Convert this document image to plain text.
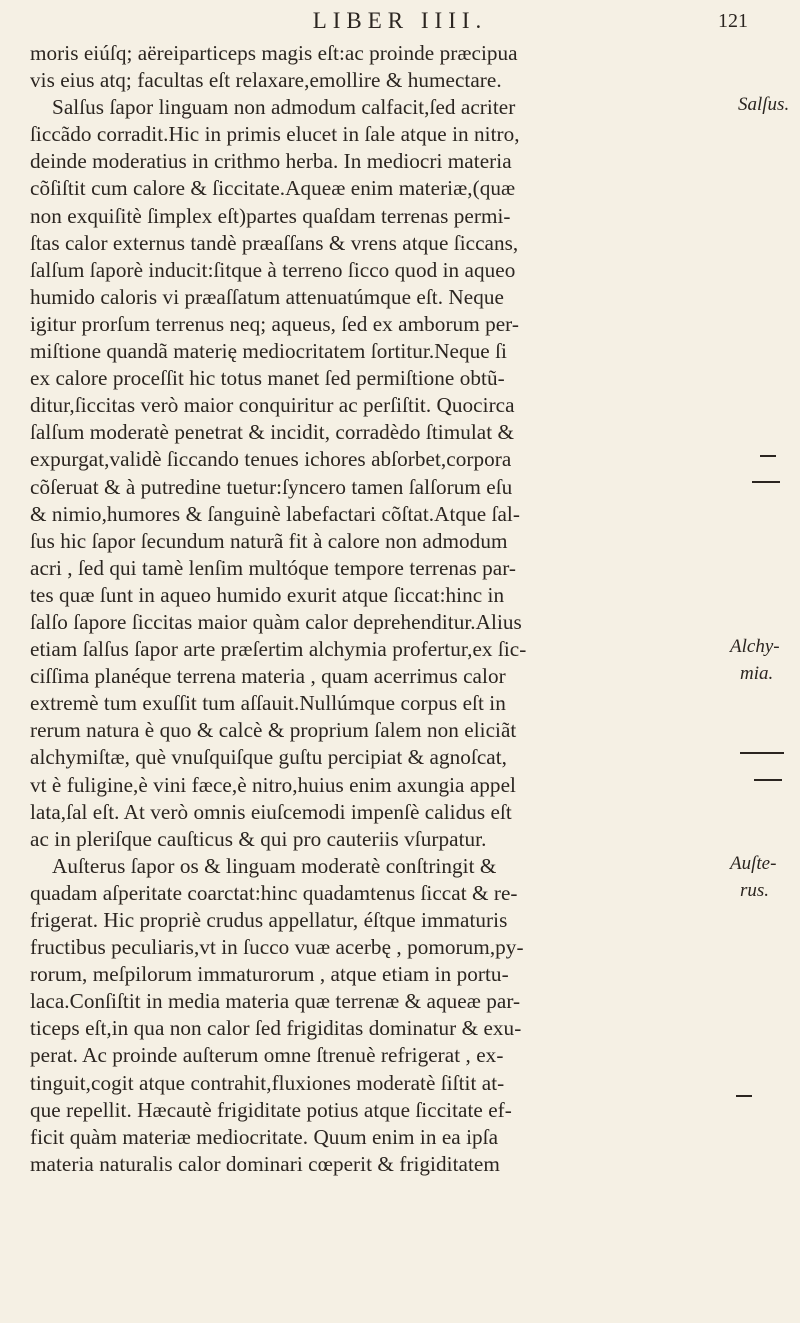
LIBER IIII.	121
moris eiúſq; aëreiparticeps magis eſt:ac proinde præcipua
vis eius atq; facultas eſt relaxare,emollire & humectare.
Salſus ſapor linguam non admodum calfacit,ſed acriter
ſiccãdo corradit.Hic in primis elucet in ſale atque in nitro,
deinde moderatius in crithmo herba. In mediocri materia
cõſiſtit cum calore & ſiccitate.Aqueæ enim materiæ,(quæ
non exquiſitè ſimplex eſt)partes quaſdam terrenas permi-
ſtas calor externus tandè præaſſans & vrens atque ſiccans,
ſalſum ſaporè inducit:ſitque à terreno ſicco quod in aqueo
humido caloris vi præaſſatum attenuatúmque eſt. Neque
igitur prorſum terrenus neq; aqueus, ſed ex amborum per-
miſtione quandã materię mediocritatem ſortitur.Neque ſi
ex calore proceſſit hic totus manet ſed permiſtione obtũ-
ditur,ſiccitas verò maior conquiritur ac perſiſtit. Quocirca
ſalſum moderatè penetrat & incidit, corradèdo ſtimulat &
expurgat,validè ſiccando tenues ichores abſorbet,corpora
cõſeruat & à putredine tuetur:ſyncero tamen ſalſorum eſu
& nimio,humores & ſanguinè labefactari cõſtat.Atque ſal-
ſus hic ſapor ſecundum naturã fit à calore non admodum
acri , ſed qui tamè lenſim multóque tempore terrenas par-
tes quæ ſunt in aqueo humido exurit atque ſiccat:hinc in
ſalſo ſapore ſiccitas maior quàm calor deprehenditur.Alius
etiam ſalſus ſapor arte præſertim alchymia profertur,ex ſic-
ciſſima planéque terrena materia , quam acerrimus calor
extremè tum exuſſit tum aſſauit.Nullúmque corpus eſt in
rerum natura è quo & calcè & proprium ſalem non eliciãt
alchymiſtæ, què vnuſquiſque guſtu percipiat & agnoſcat,
vt è fuligine,è vini fæce,è nitro,huius enim axungia appel
lata,ſal eſt. At verò omnis eiuſcemodi impenſè calidus eſt
ac in pleriſque cauſticus & qui pro cauteriis vſurpatur.
Auſterus ſapor os & linguam moderatè conſtringit &
quadam aſperitate coarctat:hinc quadamtenus ſiccat & re-
frigerat. Hic propriè crudus appellatur, éſtque immaturis
fructibus peculiaris,vt in ſucco vuæ acerbę , pomorum,py-
rorum, meſpilorum immaturorum , atque etiam in portu-
laca.Conſiſtit in media materia quæ terrenæ & aqueæ par-
ticeps eſt,in qua non calor ſed frigiditas dominatur & exu-
perat. Ac proinde auſterum omne ſtrenuè refrigerat , ex-
tinguit,cogit atque contrahit,fluxiones moderatè ſiſtit at-
que repellit. Hæcautè frigiditate potius atque ſiccitate ef-
ficit quàm materiæ mediocritate. Quum enim in ea ipſa
materia naturalis calor dominari cœperit & frigiditatem
Salſus.
Alchy-
mia.
Auſte-
rus.
